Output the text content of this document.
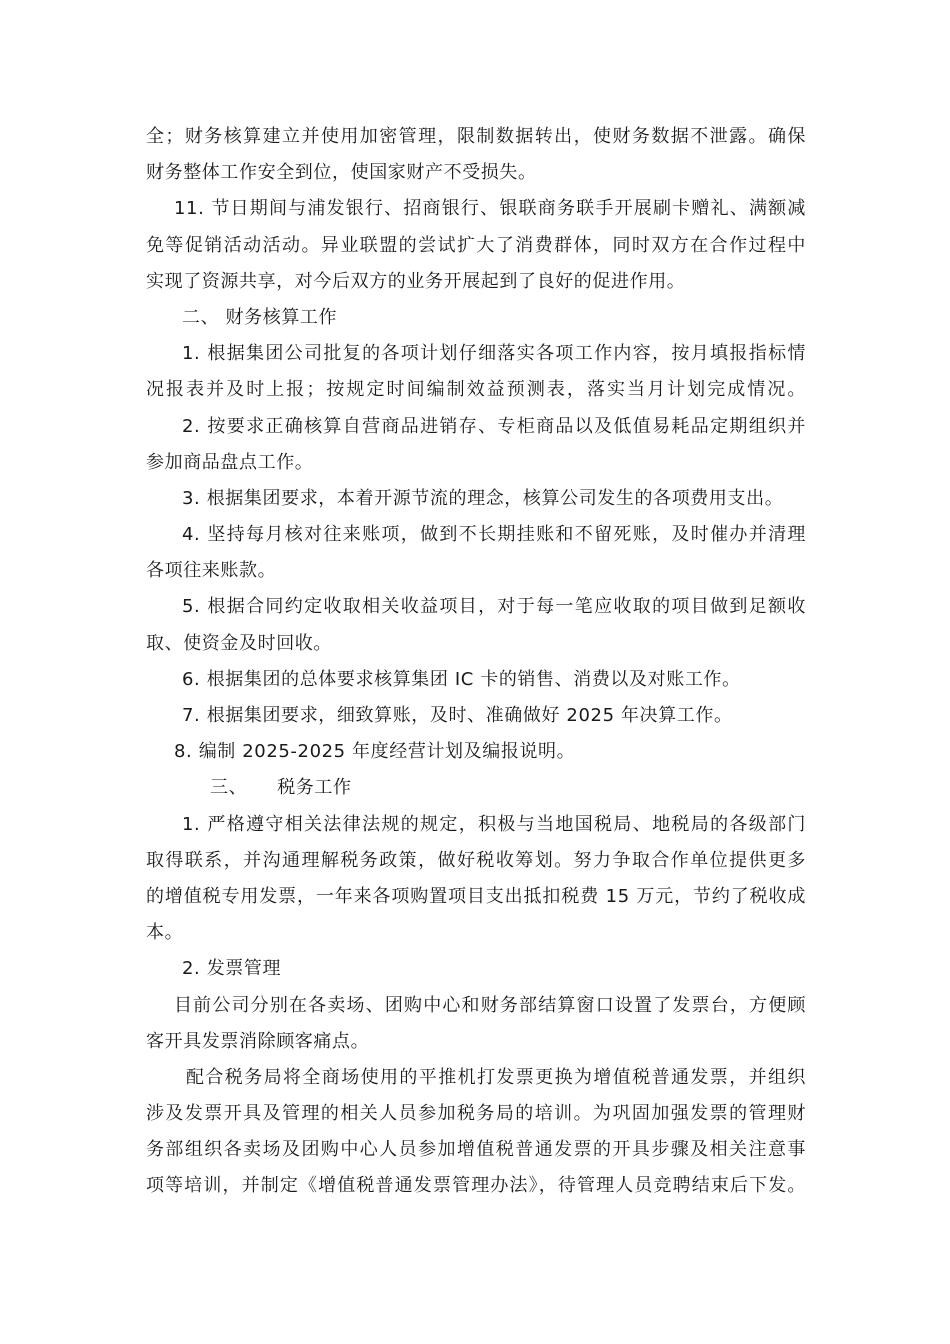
全；财务核算建立并使用加密管理，限制数据转出，使财务数据不泄露。确保
财务整体工作安全到位，使国家财产不受损失。
11. 节日期间与浦发银行、招商银行、银联商务联手开展刷卡赠礼、满额减
免等促销活动活动。异业联盟的尝试扩大了消费群体，同时双方在合作过程中
实现了资源共享，对今后双方的业务开展起到了良好的促进作用。
二、 财务核算工作
1. 根据集团公司批复的各项计划仔细落实各项工作内容，按月填报指标情
况报表并及时上报；按规定时间编制效益预测表，落实当月计划完成情况。
2. 按要求正确核算自营商品进销存、专柜商品以及低值易耗品定期组织并
参加商品盘点工作。
3. 根据集团要求，本着开源节流的理念，核算公司发生的各项费用支出。
4. 坚持每月核对往来账项，做到不长期挂账和不留死账，及时催办并清理
各项往来账款。
5. 根据合同约定收取相关收益项目，对于每一笔应收取的项目做到足额收
取、使资金及时回收。
6. 根据集团的总体要求核算集团 IC 卡的销售、消费以及对账工作。
7. 根据集团要求，细致算账，及时、准确做好 2025 年决算工作。
8. 编制 2025-2025 年度经营计划及编报说明。
三、 税务工作
1. 严格遵守相关法律法规的规定，积极与当地国税局、地税局的各级部门
取得联系，并沟通理解税务政策，做好税收筹划。努力争取合作单位提供更多
的增值税专用发票，一年来各项购置项目支出抵扣税费 15 万元，节约了税收成
本。
2. 发票管理
目前公司分别在各卖场、团购中心和财务部结算窗口设置了发票台，方便顾
客开具发票消除顾客痛点。
配合税务局将全商场使用的平推机打发票更换为增值税普通发票，并组织
涉及发票开具及管理的相关人员参加税务局的培训。为巩固加强发票的管理财
务部组织各卖场及团购中心人员参加增值税普通发票的开具步骤及相关注意事
项等培训，并制定《增值税普通发票管理办法》，待管理人员竞聘结束后下发。
